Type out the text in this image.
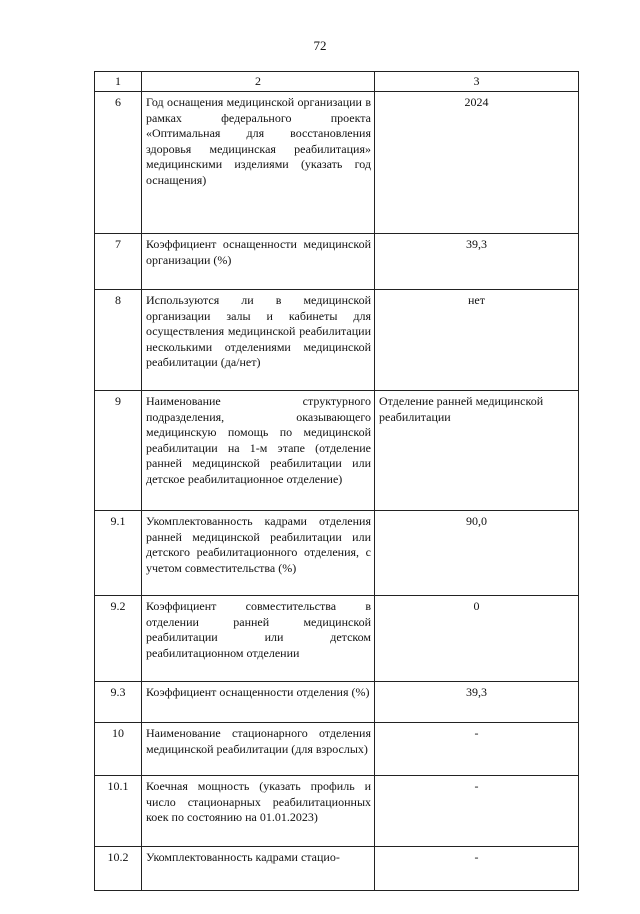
72
1	2	3
6	Год оснащения медицинской организации в рамках федерального проекта «Оптимальная для восстановления здоровья медицинская реабилитация» медицинскими изделиями (указать год оснащения)	2024
7	Коэффициент оснащенности медицинской организации (%)	39,3
8	Используются ли в медицинской организации залы и кабинеты для осуществления медицинской реабилитации несколькими отделениями медицинской реабилитации (да/нет)	нет
9	Наименование структурного подразделения, оказывающего медицинскую помощь по медицинской реабилитации на 1-м этапе (отделение ранней медицинской реабилитации или детское реабилитационное отделение)	Отделение ранней медицинской реабилитации
9.1	Укомплектованность кадрами отделения ранней медицинской реабилитации или детского реабилитационного отделения, с учетом совместительства (%)	90,0
9.2	Коэффициент совместительства в отделении ранней медицинской реабилитации или детском реабилитационном отделении	0
9.3	Коэффициент оснащенности отделения (%)	39,3
10	Наименование стационарного отделения медицинской реабилитации (для взрослых)	-
10.1	Коечная мощность (указать профиль и число стационарных реабилитационных коек по состоянию на 01.01.2023)	-
10.2	Укомплектованность кадрами стацио-	-
